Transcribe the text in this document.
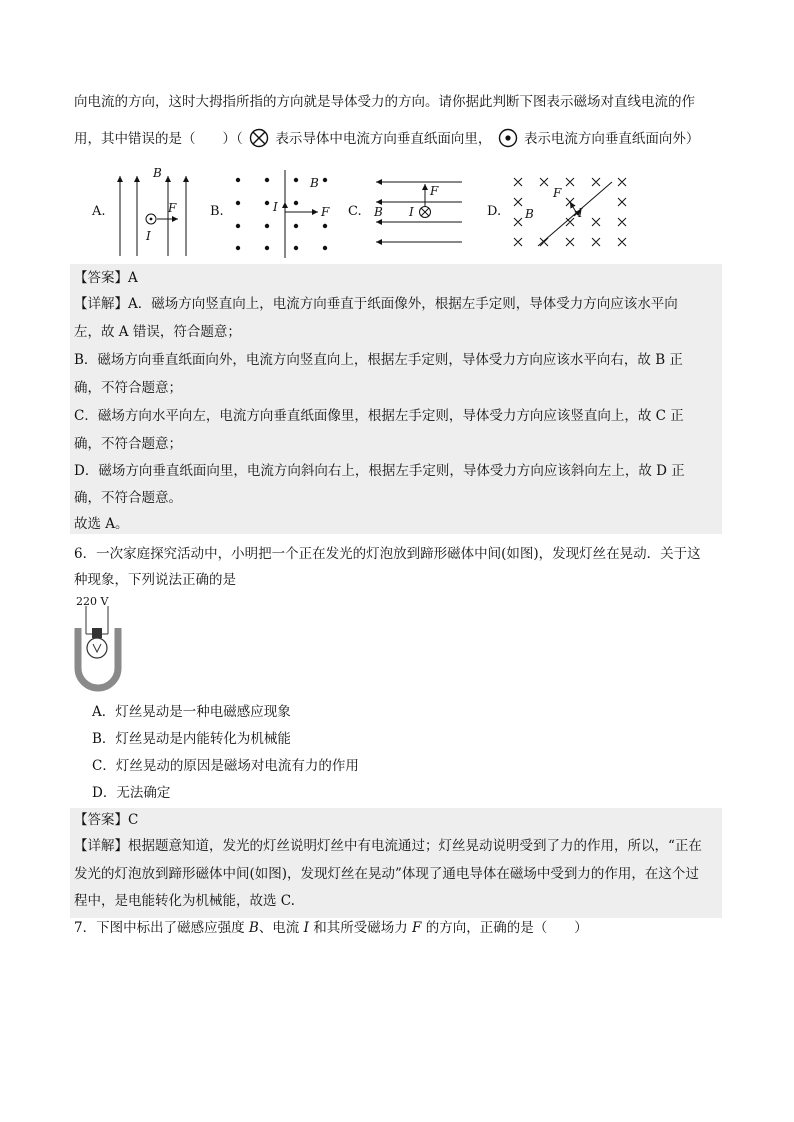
向电流的方向，这时大拇指所指的方向就是导体受力的方向。请你据此判断下图表示磁场对直线电流的作
用，其中错误的是（　　）（ 表示导体中电流方向垂直纸面向里， 表示电流方向垂直纸面向外）
A.
B
F
I
B.
B
I	F C.
F
B I	D.
F
B	I
【答案】A
【详解】A．磁场方向竖直向上，电流方向垂直于纸面像外，根据左手定则，导体受力方向应该水平向
左，故 A 错误，符合题意；
B．磁场方向垂直纸面向外，电流方向竖直向上，根据左手定则，导体受力方向应该水平向右，故 B 正
确，不符合题意；
C．磁场方向水平向左，电流方向垂直纸面像里，根据左手定则，导体受力方向应该竖直向上，故 C 正
确，不符合题意；
D．磁场方向垂直纸面向里，电流方向斜向右上，根据左手定则，导体受力方向应该斜向左上，故 D 正
确，不符合题意。
故选 A。
6．一次家庭探究活动中，小明把一个正在发光的灯泡放到蹄形磁体中间(如图)，发现灯丝在晃动．关于这
种现象，下列说法正确的是
220 V
A．灯丝晃动是一种电磁感应现象
B．灯丝晃动是内能转化为机械能
C．灯丝晃动的原因是磁场对电流有力的作用
D．无法确定
【答案】C
【详解】根据题意知道，发光的灯丝说明灯丝中有电流通过；灯丝晃动说明受到了力的作用，所以，“正在
发光的灯泡放到蹄形磁体中间(如图)，发现灯丝在晃动”体现了通电导体在磁场中受到力的作用，在这个过
程中，是电能转化为机械能，故选 C.
7．下图中标出了磁感应强度 B、电流 I 和其所受磁场力 F 的方向，正确的是（　　）
